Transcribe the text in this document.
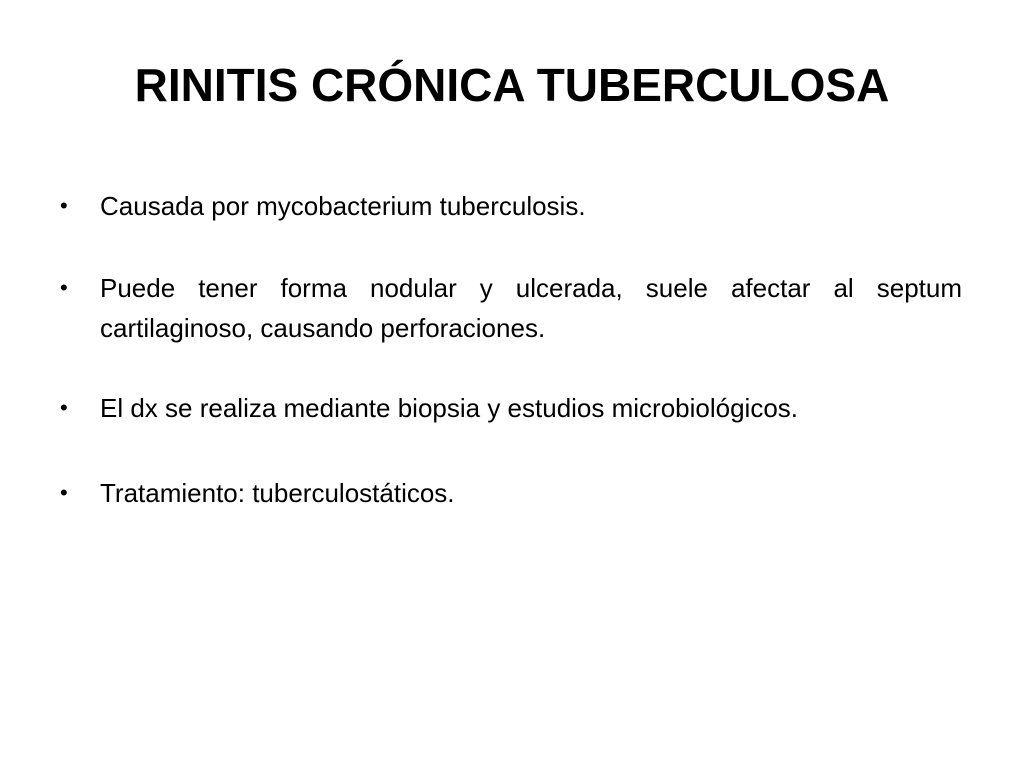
RINITIS CRÓNICA TUBERCULOSA
• Causada por mycobacterium tuberculosis.
• Puede tener forma nodular y ulcerada, suele afectar al septum cartilaginoso, causando perforaciones.
• El dx se realiza mediante biopsia y estudios microbiológicos.
• Tratamiento: tuberculostáticos.
